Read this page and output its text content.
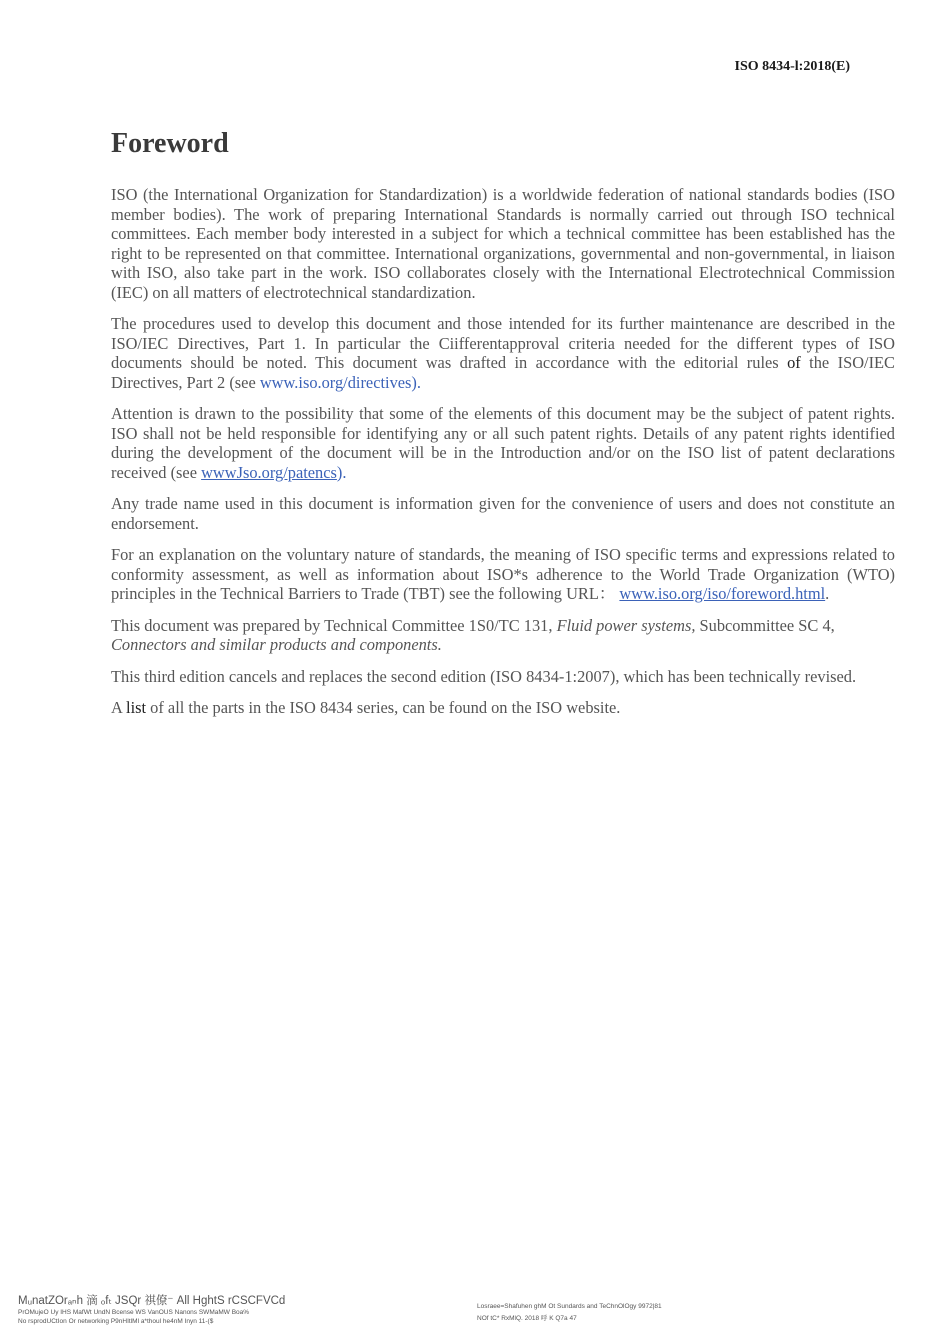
ISO 8434-l:2018(E)
Foreword

ISO (the International Organization for Standardization) is a worldwide federation of national standards bodies (ISO member bodies). The work of preparing International Standards is normally carried out through ISO technical committees. Each member body interested in a subject for which a technical committee has been established has the right to be represented on that committee. International organizations, governmental and non-governmental, in liaison with ISO, also take part in the work. ISO collaborates closely with the International Electrotechnical Commission (IEC) on all matters of electrotechnical standardization.

The procedures used to develop this document and those intended for its further maintenance are described in the ISO/IEC Directives, Part 1. In particular the Ciifferentapproval criteria needed for the different types of ISO documents should be noted. This document was drafted in accordance with the editorial rules of the ISO/IEC Directives, Part 2 (see www.iso.org/directives).

Attention is drawn to the possibility that some of the elements of this document may be the subject of patent rights. ISO shall not be held responsible for identifying any or all such patent rights. Details of any patent rights identified during the development of the document will be in the Introduction and/or on the ISO list of patent declarations received (see wwwJso.org/patencs).

Any trade name used in this document is information given for the convenience of users and does not constitute an endorsement.

For an explanation on the voluntary nature of standards, the meaning of ISO specific terms and expressions related to conformity assessment, as well as information about ISO*s adherence to the World Trade Organization (WTO) principles in the Technical Barriers to Trade (TBT) see the following URL： www.iso.org/iso/foreword.html.

This document was prepared by Technical Committee 1S0/TC 131, Fluid power systems, Subcommittee SC 4, Connectors and similar products and components.

This third edition cancels and replaces the second edition (ISO 8434-1:2007), which has been technically revised.

A list of all the parts in the ISO 8434 series, can be found on the ISO website.

MᵤnatZOrₐₙh 滴 ₒfₜ JSQr 祺僚⁻ All HghtS rCSCFVCd
PrOMujeO Uy IHS MafWt UndN Bcense WS VanOUS Nanons SWMaMW Boa%
No rsprodUCtIon Or networking P9nHItlMl a*thoul he4nM Inyn 11-($
Losraee=Shafuhen ghM Ot Sundards and TeChnOlOgy 9972|81
NOf tC* RxMlQ. 2018 呼 K Q7a 47
